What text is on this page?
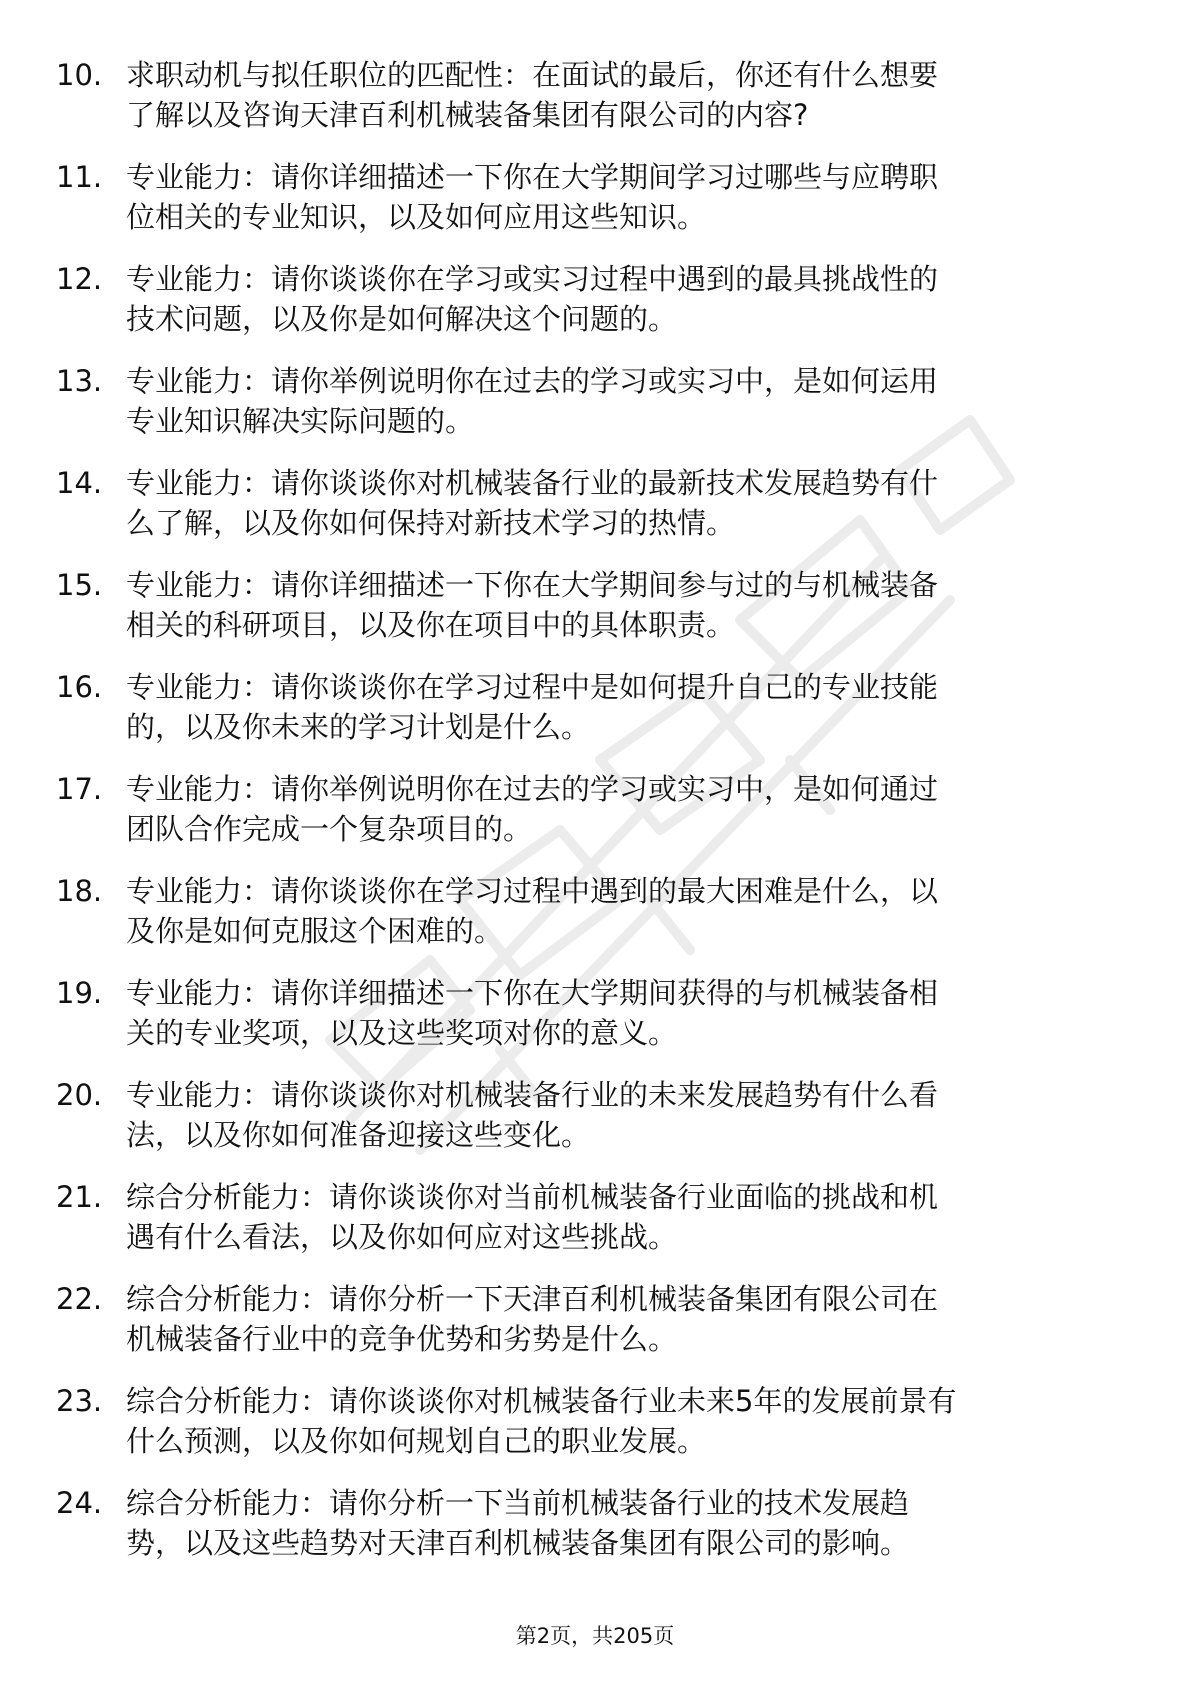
10. 求职动机与拟任职位的匹配性：在面试的最后，你还有什么想要
了解以及咨询天津百利机械装备集团有限公司的内容?
11. 专业能力：请你详细描述一下你在大学期间学习过哪些与应聘职
位相关的专业知识，以及如何应用这些知识。
12. 专业能力：请你谈谈你在学习或实习过程中遇到的最具挑战性的
技术问题，以及你是如何解决这个问题的。
13. 专业能力：请你举例说明你在过去的学习或实习中，是如何运用
专业知识解决实际问题的。
14. 专业能力：请你谈谈你对机械装备行业的最新技术发展趋势有什
么了解，以及你如何保持对新技术学习的热情。
15. 专业能力：请你详细描述一下你在大学期间参与过的与机械装备
相关的科研项目，以及你在项目中的具体职责。
16. 专业能力：请你谈谈你在学习过程中是如何提升自己的专业技能
的，以及你未来的学习计划是什么。
17. 专业能力：请你举例说明你在过去的学习或实习中，是如何通过
团队合作完成一个复杂项目的。
18. 专业能力：请你谈谈你在学习过程中遇到的最大困难是什么，以
及你是如何克服这个困难的。
19. 专业能力：请你详细描述一下你在大学期间获得的与机械装备相
关的专业奖项，以及这些奖项对你的意义。
20. 专业能力：请你谈谈你对机械装备行业的未来发展趋势有什么看
法，以及你如何准备迎接这些变化。
21. 综合分析能力：请你谈谈你对当前机械装备行业面临的挑战和机
遇有什么看法，以及你如何应对这些挑战。
22. 综合分析能力：请你分析一下天津百利机械装备集团有限公司在
机械装备行业中的竞争优势和劣势是什么。
23. 综合分析能力：请你谈谈你对机械装备行业未来5年的发展前景有
什么预测，以及你如何规划自己的职业发展。
24. 综合分析能力：请你分析一下当前机械装备行业的技术发展趋
势，以及这些趋势对天津百利机械装备集团有限公司的影响。
第2页，共205页
